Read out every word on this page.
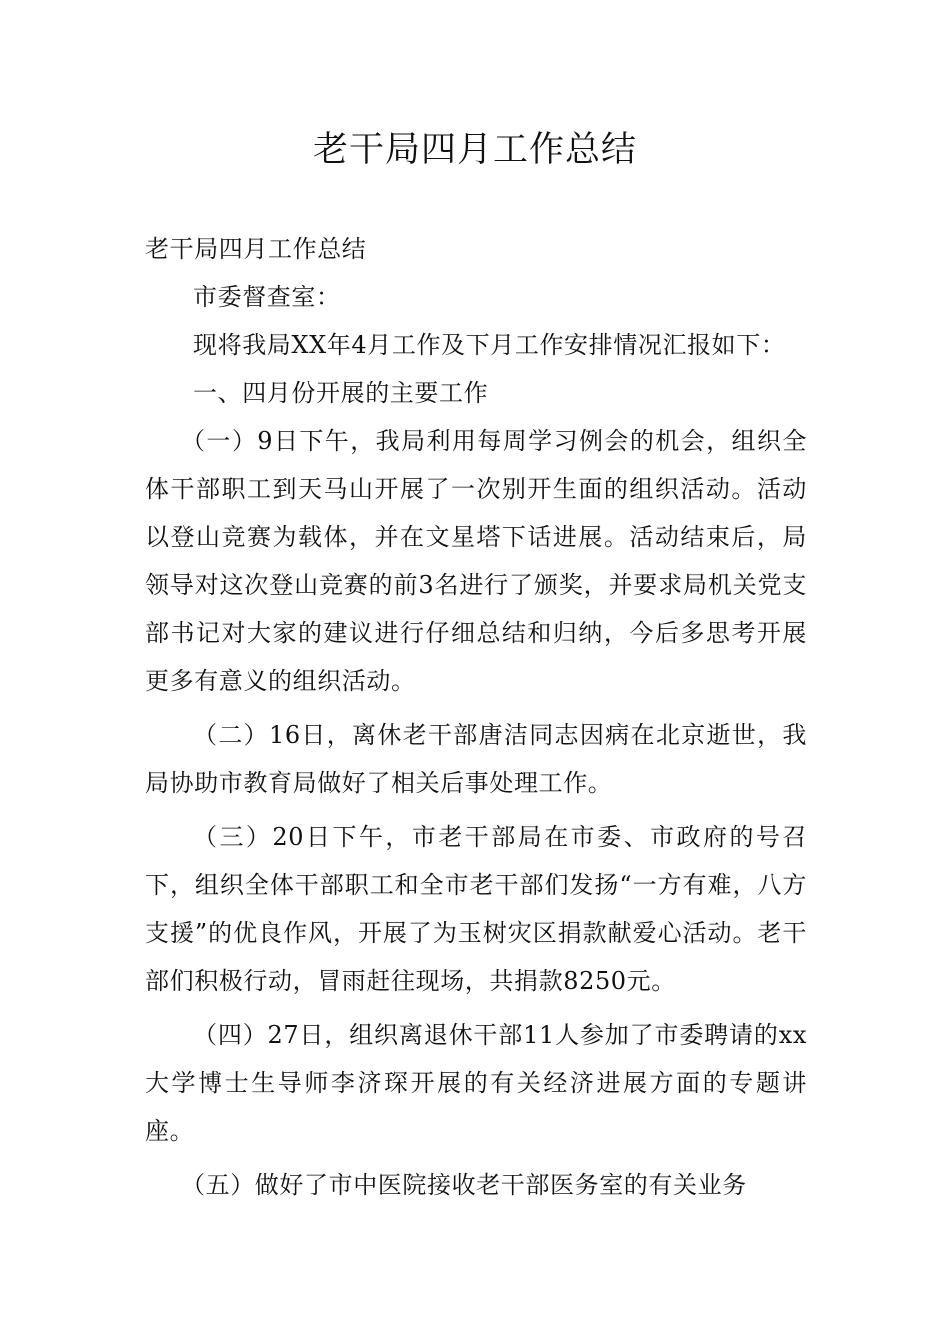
老干局四月工作总结

老干局四月工作总结

市委督查室：

现将我局XX年4月工作及下月工作安排情况汇报如下：

一、四月份开展的主要工作

（一）9日下午，我局利用每周学习例会的机会，组织全体干部职工到天马山开展了一次别开生面的组织活动。活动以登山竞赛为载体，并在文星塔下话进展。活动结束后，局领导对这次登山竞赛的前3名进行了颁奖，并要求局机关党支部书记对大家的建议进行仔细总结和归纳，今后多思考开展更多有意义的组织活动。

（二）16日，离休老干部唐洁同志因病在北京逝世，我局协助市教育局做好了相关后事处理工作。

（三）20日下午，市老干部局在市委、市政府的号召下，组织全体干部职工和全市老干部们发扬“一方有难，八方支援”的优良作风，开展了为玉树灾区捐款献爱心活动。老干部们积极行动，冒雨赶往现场，共捐款8250元。

（四）27日，组织离退休干部11人参加了市委聘请的xx大学博士生导师李济琛开展的有关经济进展方面的专题讲座。

（五）做好了市中医院接收老干部医务室的有关业务
